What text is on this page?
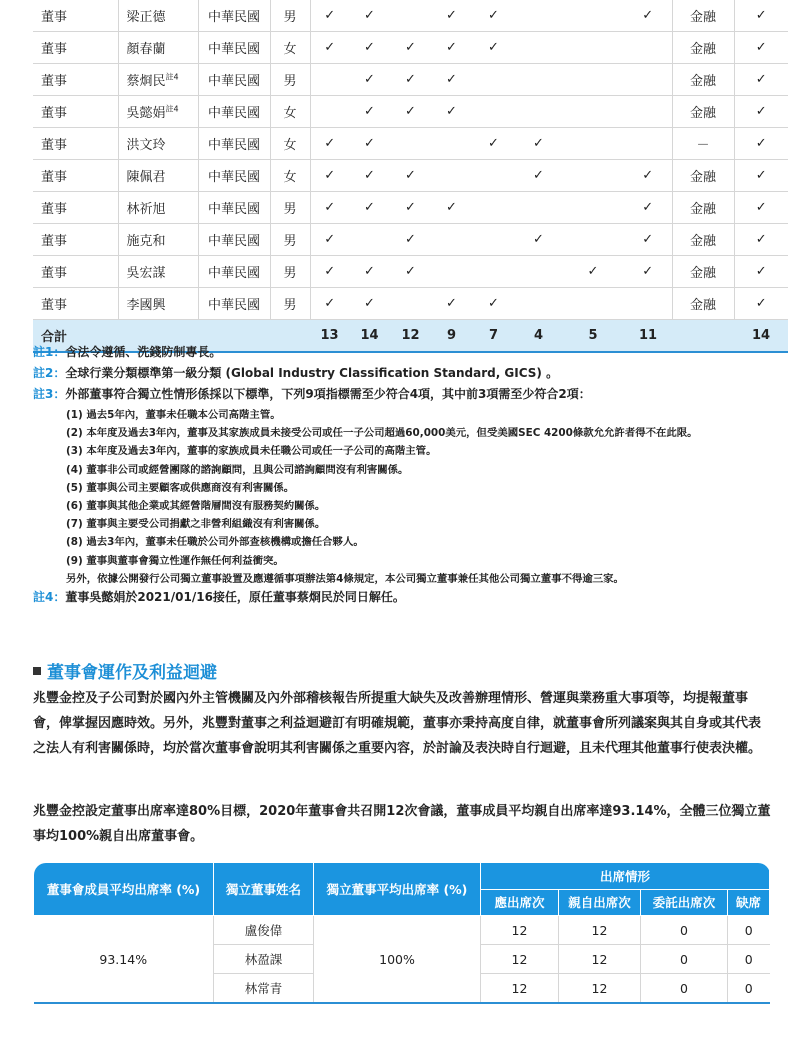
董事	梁正德	中華民國	男	✓	✓		✓	✓			✓	金融	✓
董事	顏春蘭	中華民國	女	✓	✓	✓	✓	✓				金融	✓
董事	蔡烱民$^{註4}$	中華民國	男		✓	✓	✓					金融	✓
董事	吳懿娟$^{註4}$	中華民國	女		✓	✓	✓					金融	✓
董事	洪文玲	中華民國	女	✓	✓			✓	✓			－	✓
董事	陳佩君	中華民國	女	✓	✓	✓			✓		✓	金融	✓
董事	林祈旭	中華民國	男	✓	✓	✓	✓				✓	金融	✓
董事	施克和	中華民國	男	✓		✓			✓		✓	金融	✓
董事	吳宏謀	中華民國	男	✓	✓	✓				✓	✓	金融	✓
董事	李國興	中華民國	男	✓	✓		✓	✓				金融	✓
合計				13	14	12	9	7	4	5	11		14
註1：含法令遵循、洗錢防制專長。
註2：全球行業分類標準第一級分類 (Global Industry Classification Standard, GICS) 。
註3：外部董事符合獨立性情形係採以下標準，下列9項指標需至少符合4項，其中前3項需至少符合2項：
(1) 過去5年內，董事未任職本公司高階主管。
(2) 本年度及過去3年內，董事及其家族成員未接受公司或任一子公司超過60,000美元，但受美國SEC 4200條款允允許者得不在此限。
(3) 本年度及過去3年內，董事的家族成員未任職公司或任一子公司的高階主管。
(4) 董事非公司或經營團隊的諮詢顧問，且與公司諮詢顧問沒有利害關係。
(5) 董事與公司主要顧客或供應商沒有利害關係。
(6) 董事與其他企業或其經營階層間沒有服務契約關係。
(7) 董事與主要受公司捐獻之非營利組織沒有利害關係。
(8) 過去3年內，董事未任職於公司外部查核機構或擔任合夥人。
(9) 董事與董事會獨立性運作無任何利益衝突。
另外，依據公開發行公司獨立董事設置及應遵循事項辦法第4條規定，本公司獨立董事兼任其他公司獨立董事不得逾三家。
註4：董事吳懿娟於2021/01/16接任，原任董事蔡烱民於同日解任。
董事會運作及利益迴避
兆豐金控及子公司對於國內外主管機關及內外部稽核報告所提重大缺失及改善辦理情形、營運與業務重大事項等，均提報董事會，俾掌握因應時效。另外，兆豐對董事之利益迴避訂有明確規範，董事亦秉持高度自律，就董事會所列議案與其自身或其代表之法人有利害關係時，均於當次董事會說明其利害關係之重要內容，於討論及表決時自行迴避，且未代理其他董事行使表決權。
兆豐金控設定董事出席率達80%目標，2020年董事會共召開12次會議，董事成員平均親自出席率達93.14%，全體三位獨立董事均100%親自出席董事會。
董事會成員平均出席率 (%)	獨立董事姓名	獨立董事平均出席率 (%)	出席情形			
			應出席次	親自出席次	委託出席次	缺席
93.14%	盧俊偉	100%	12	12	0	0
	林盈課		12	12	0	0
	林常青		12	12	0	0
